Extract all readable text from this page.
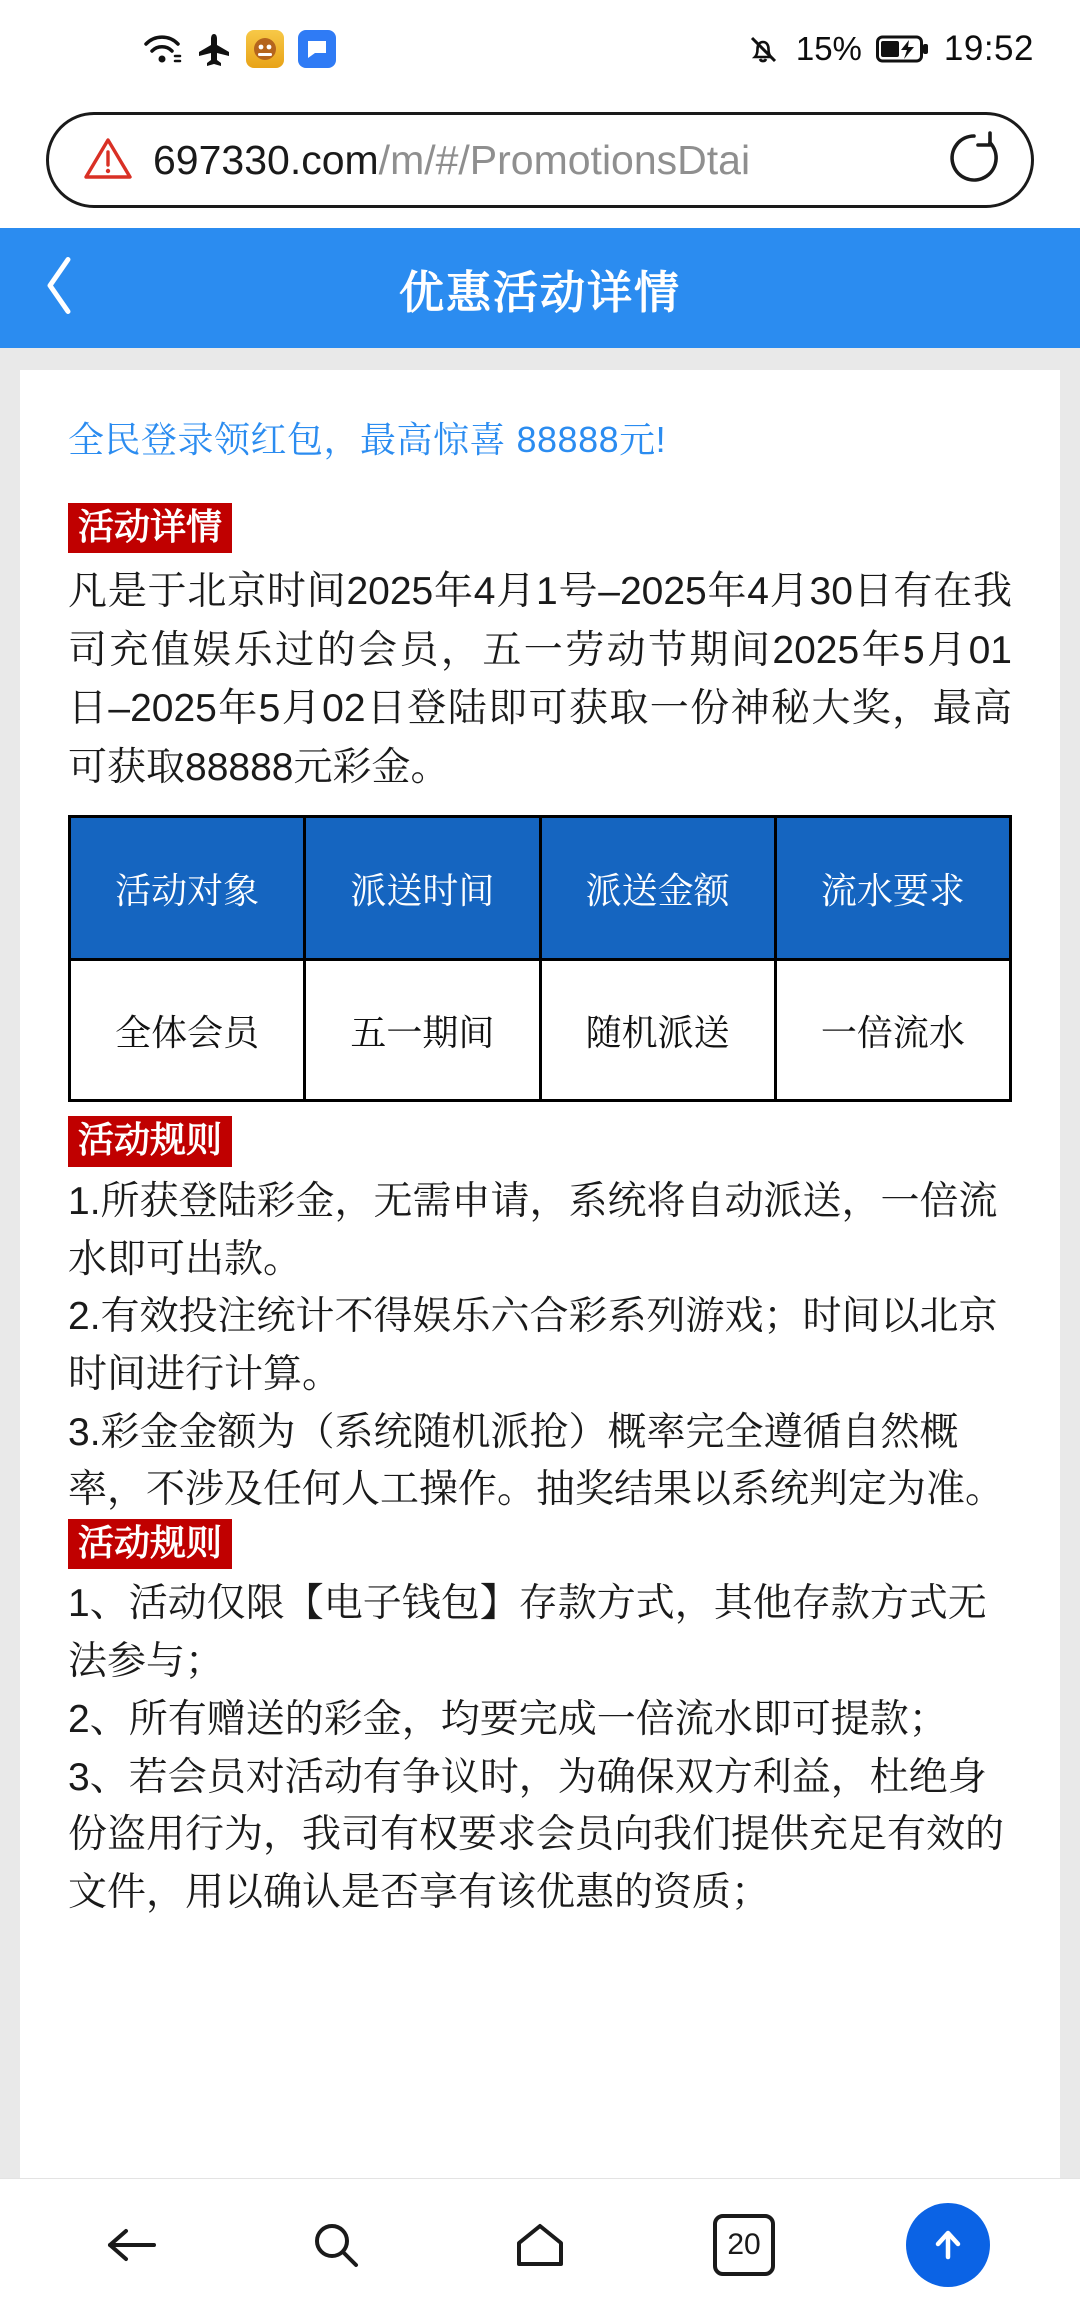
15% 19:52
697330.com/m/#/PromotionsDtai
优惠活动详情
全民登录领红包，最高惊喜 88888元!
活动详情
凡是于北京时间2025年4月1号–2025年4月30日有在我司充值娱乐过的会员，五一劳动节期间2025年5月01日–2025年5月02日登陆即可获取一份神秘大奖，最高可获取88888元彩金。
活动对象	派送时间	派送金额	流水要求
全体会员	五一期间	随机派送	一倍流水
活动规则
1.所获登陆彩金，无需申请，系统将自动派送，一倍流水即可出款。
2.有效投注统计不得娱乐六合彩系列游戏；时间以北京时间进行计算。
3.彩金金额为（系统随机派抢）概率完全遵循自然概率，不涉及任何人工操作。抽奖结果以系统判定为准。
活动规则
1、活动仅限【电子钱包】存款方式，其他存款方式无法参与；
2、所有赠送的彩金，均要完成一倍流水即可提款；
3、若会员对活动有争议时，为确保双方利益，杜绝身份盗用行为，我司有权要求会员向我们提供充足有效的文件，用以确认是否享有该优惠的资质；
20
